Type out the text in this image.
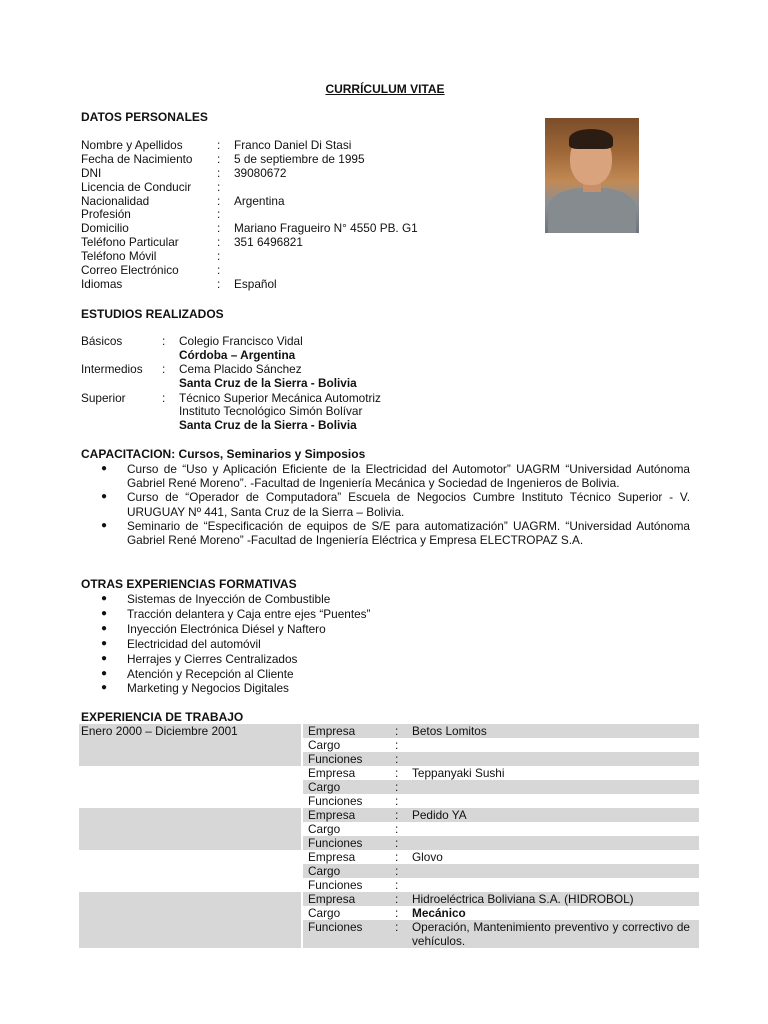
CURRÍCULUM VITAE
DATOS PERSONALES
Nombre y Apellidos	: Franco Daniel Di Stasi
Fecha de Nacimiento : 5 de septiembre de 1995
DNI	: 39080672
Licencia de Conducir :
Nacionalidad	: Argentina
Profesión	:
Domicilio	: Mariano Fragueiro N° 4550 PB. G1
Teléfono Particular	: 351 6496821
Teléfono Móvil	:
Correo Electrónico	:
Idiomas	: Español
ESTUDIOS REALIZADOS
Básicos	: Colegio Francisco Vidal
Córdoba – Argentina
Intermedios : Cema Placido Sánchez
Santa Cruz de la Sierra - Bolivia
Superior	: Técnico Superior Mecánica Automotriz
Instituto Tecnológico Simón Bolívar
Santa Cruz de la Sierra - Bolivia
CAPACITACION: Cursos, Seminarios y Simposios
● Curso de “Uso y Aplicación Eficiente de la Electricidad del Automotor” UAGRM “Universidad Autónoma Gabriel René Moreno”. -Facultad de Ingeniería Mecánica y Sociedad de Ingenieros de Bolivia.
● Curso de “Operador de Computadora” Escuela de Negocios Cumbre Instituto Técnico Superior - V. URUGUAY Nº 441, Santa Cruz de la Sierra – Bolivia.
● Seminario de “Especificación de equipos de S/E para automatización” UAGRM. “Universidad Autónoma Gabriel René Moreno” -Facultad de Ingeniería Eléctrica y Empresa ELECTROPAZ S.A.
OTRAS EXPERIENCIAS FORMATIVAS
● Sistemas de Inyección de Combustible
● Tracción delantera y Caja entre ejes “Puentes”
● Inyección Electrónica Diésel y Naftero
● Electricidad del automóvil
● Herrajes y Cierres Centralizados
● Atención y Recepción al Cliente
● Marketing y Negocios Digitales
EXPERIENCIA DE TRABAJO
Enero 2000 – Diciembre 2001	Empresa	: Betos Lomitos
Cargo	:
Funciones	:
Empresa	: Teppanyaki Sushi
Cargo	:
Funciones	:
Empresa	: Pedido YA
Cargo	:
Funciones	:
Empresa	: Glovo
Cargo	:
Funciones	:
Empresa	: Hidroeléctrica Boliviana S.A. (HIDROBOL)
Cargo	: Mecánico
Funciones	: Operación, Mantenimiento preventivo y correctivo de vehículos.
